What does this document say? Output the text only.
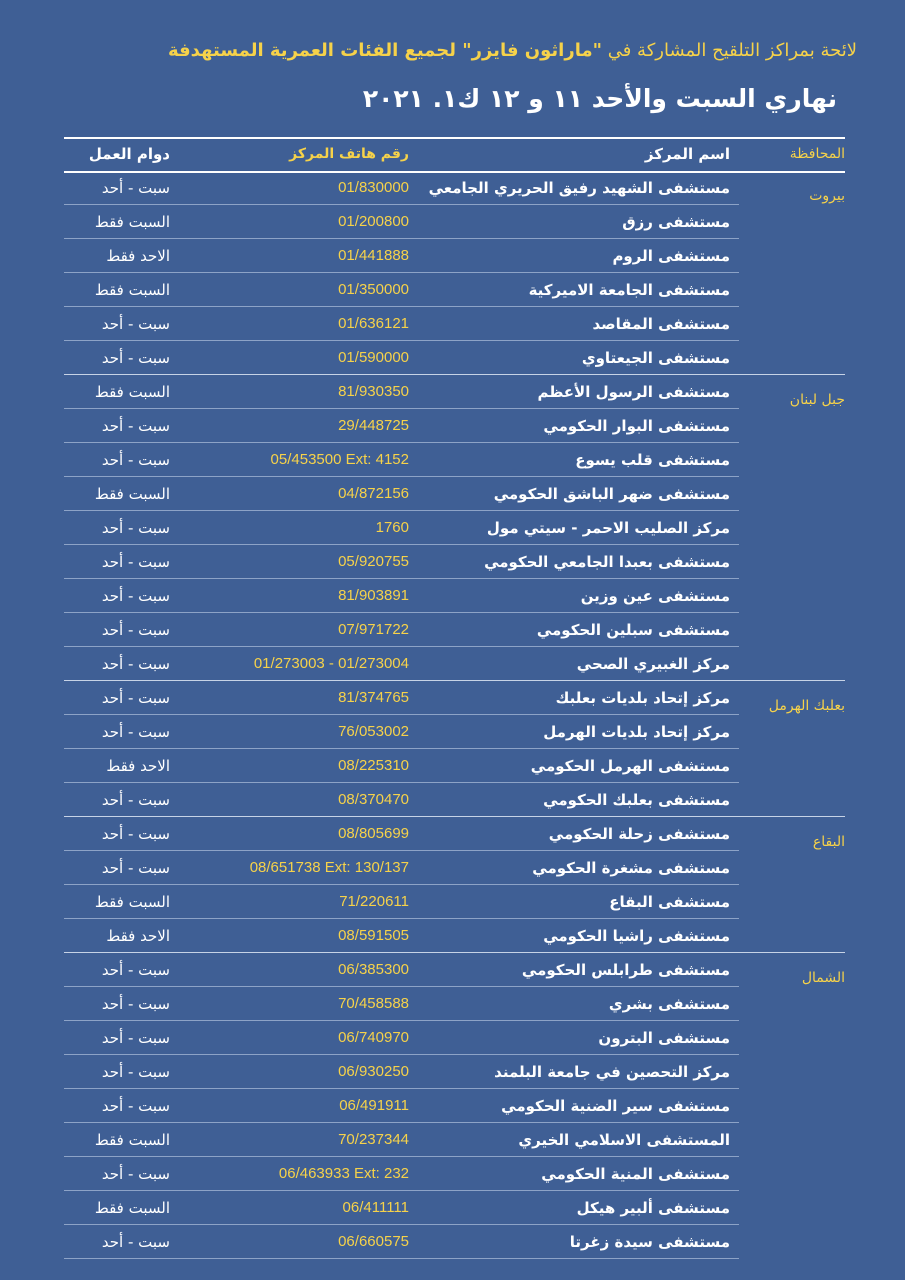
لائحة بمراكز التلقيح المشاركة في "ماراثون فايزر" لجميع الفئات العمرية المستهدفة
نهاري السبت والأحد ١١ و ١٢ ك١. ٢٠٢١
المحافظة
اسم المركز
رقم هاتف المركز
دوام العمل
بيروت
مستشفى الشهيد رفيق الحريري الجامعي
01/830000
سبت - أحد
مستشفى رزق
01/200800
السبت فقط
مستشفى الروم
01/441888
الاحد فقط
مستشفى الجامعة الاميركية
01/350000
السبت فقط
مستشفى المقاصد
01/636121
سبت - أحد
مستشفى الجيعتاوي
01/590000
سبت - أحد
جبل لبنان
مستشفى الرسول الأعظم
81/930350
السبت فقط
مستشفى البوار الحكومي
29/448725
سبت - أحد
مستشفى قلب يسوع
05/453500 Ext: 4152
سبت - أحد
مستشفى ضهر الباشق الحكومي
04/872156
السبت فقط
مركز الصليب الاحمر - سيتي مول
1760
سبت - أحد
مستشفى بعبدا الجامعي الحكومي
05/920755
سبت - أحد
مستشفى عين وزين
81/903891
سبت - أحد
مستشفى سبلين الحكومي
07/971722
سبت - أحد
مركز الغبيري الصحي
01/273003 - 01/273004
سبت - أحد
بعلبك الهرمل
مركز إتحاد بلديات بعلبك
81/374765
سبت - أحد
مركز إتحاد بلديات الهرمل
76/053002
سبت - أحد
مستشفى الهرمل الحكومي
08/225310
الاحد فقط
مستشفى بعلبك الحكومي
08/370470
سبت - أحد
البقاع
مستشفى زحلة الحكومي
08/805699
سبت - أحد
مستشفى مشغرة الحكومي
08/651738 Ext: 130/137
سبت - أحد
مستشفى البقاع
71/220611
السبت فقط
مستشفى راشيا الحكومي
08/591505
الاحد فقط
الشمال
مستشفى طرابلس الحكومي
06/385300
سبت - أحد
مستشفى بشري
70/458588
سبت - أحد
مستشفى البترون
06/740970
سبت - أحد
مركز التحصين في جامعة البلمند
06/930250
سبت - أحد
مستشفى سير الضنية الحكومي
06/491911
سبت - أحد
المستشفى الاسلامي الخيري
70/237344
السبت فقط
مستشفى المنية الحكومي
06/463933 Ext: 232
سبت - أحد
مستشفى ألبير هيكل
06/411111
السبت فقط
مستشفى سيدة زغرتا
06/660575
سبت - أحد
